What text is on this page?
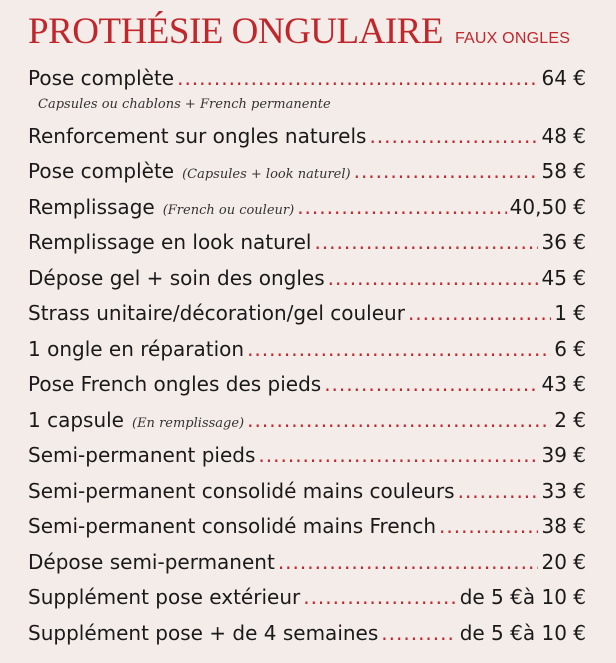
PROTHÉSIE ONGULAIRE FAUX ONGLES
Pose complète .....	64 €
Capsules ou chablons + French permanente
Renforcement sur ongles naturels .....	48 €
Pose complète (Capsules + look naturel) .....	58 €
Remplissage (French ou couleur) .....	40,50 €
Remplissage en look naturel .....	36 €
Dépose gel + soin des ongles .....	45 €
Strass unitaire/décoration/gel couleur .....	1 €
1 ongle en réparation .....	6 €
Pose French ongles des pieds .....	43 €
1 capsule (En remplissage) .....	2 €
Semi-permanent pieds .....	39 €
Semi-permanent consolidé mains couleurs .....	33 €
Semi-permanent consolidé mains French .....	38 €
Dépose semi-permanent .....	20 €
Supplément pose extérieur .....	de 5 €à 10 €
Supplément pose + de 4 semaines .....	de 5 €à 10 €
